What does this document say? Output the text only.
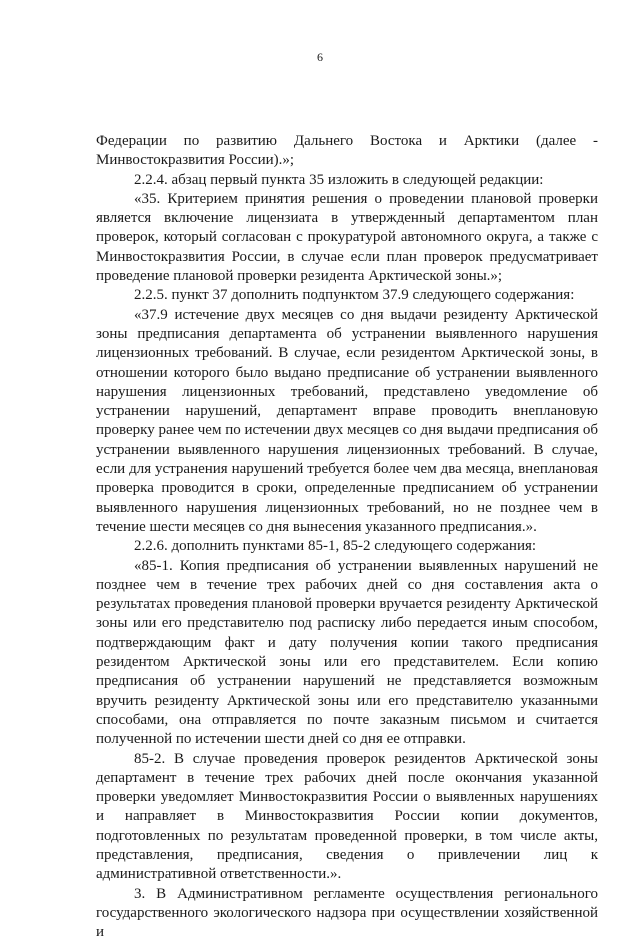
6

Федерации по развитию Дальнего Востока и Арктики (далее - Минвостокразвития России).»;

2.2.4. абзац первый пункта 35 изложить в следующей редакции:

«35. Критерием принятия решения о проведении плановой проверки является включение лицензиата в утвержденный департаментом план проверок, который согласован с прокуратурой автономного округа, а также с Минвостокразвития России, в случае если план проверок предусматривает проведение плановой проверки резидента Арктической зоны.»;

2.2.5. пункт 37 дополнить подпунктом 37.9 следующего содержания:

«37.9 истечение двух месяцев со дня выдачи резиденту Арктической зоны предписания департамента об устранении выявленного нарушения лицензионных требований. В случае, если резидентом Арктической зоны, в отношении которого было выдано предписание об устранении выявленного нарушения лицензионных требований, представлено уведомление об устранении нарушений, департамент вправе проводить внеплановую проверку ранее чем по истечении двух месяцев со дня выдачи предписания об устранении выявленного нарушения лицензионных требований. В случае, если для устранения нарушений требуется более чем два месяца, внеплановая проверка проводится в сроки, определенные предписанием об устранении выявленного нарушения лицензионных требований, но не позднее чем в течение шести месяцев со дня вынесения указанного предписания.».

2.2.6. дополнить пунктами 85-1, 85-2 следующего содержания:

«85-1. Копия предписания об устранении выявленных нарушений не позднее чем в течение трех рабочих дней со дня составления акта о результатах проведения плановой проверки вручается резиденту Арктической зоны или его представителю под расписку либо передается иным способом, подтверждающим факт и дату получения копии такого предписания резидентом Арктической зоны или его представителем. Если копию предписания об устранении нарушений не представляется возможным вручить резиденту Арктической зоны или его представителю указанными способами, она отправляется по почте заказным письмом и считается полученной по истечении шести дней со дня ее отправки.

85-2. В случае проведения проверок резидентов Арктической зоны департамент в течение трех рабочих дней после окончания указанной проверки уведомляет Минвостокразвития России о выявленных нарушениях и направляет в Минвостокразвития России копии документов, подготовленных по результатам проведенной проверки, в том числе акты, представления, предписания, сведения о привлечении лиц к административной ответственности.».

3. В Административном регламенте осуществления регионального государственного экологического надзора при осуществлении хозяйственной и
